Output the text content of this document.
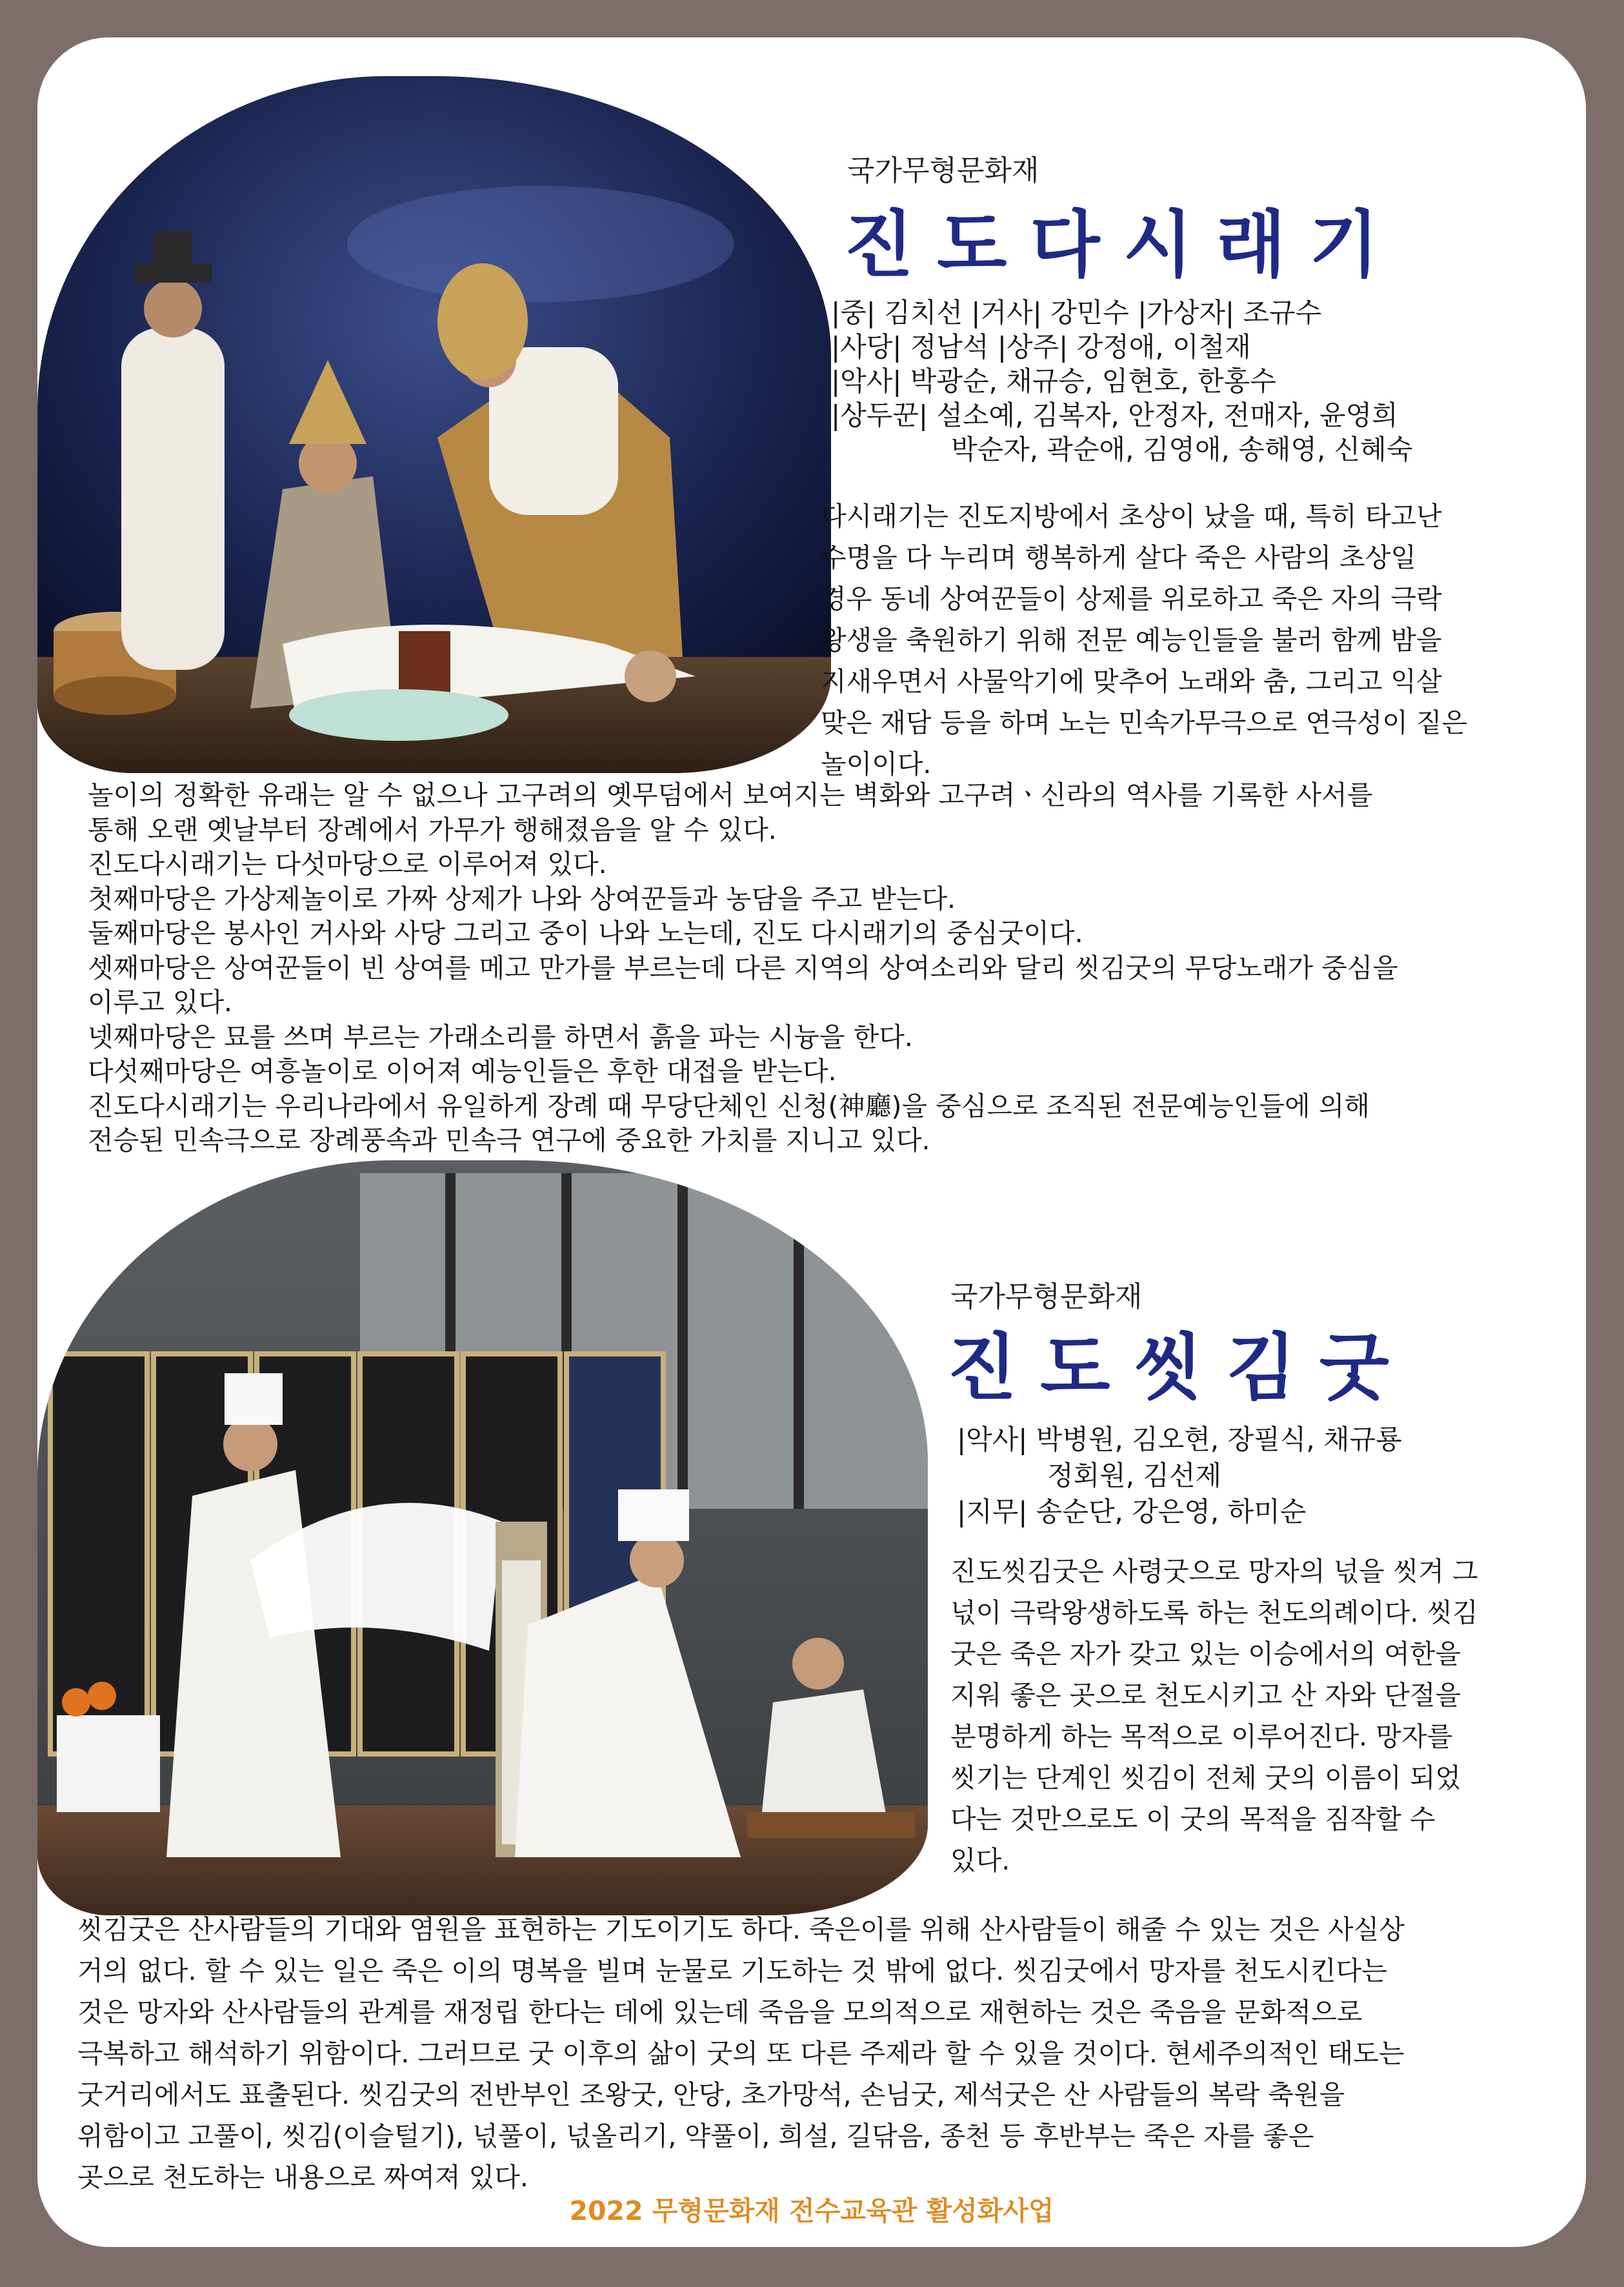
국가무형문화재
진도다시래기
|중| 김치선 |거사| 강민수 |가상자| 조규수
|사당| 정남석 |상주| 강정애, 이철재
|악사| 박광순, 채규승, 임현호, 한홍수
|상두꾼| 설소예, 김복자, 안정자, 전매자, 윤영희
박순자, 곽순애, 김영애, 송해영, 신혜숙
다시래기는 진도지방에서 초상이 났을 때, 특히 타고난
수명을 다 누리며 행복하게 살다 죽은 사람의 초상일
경우 동네 상여꾼들이 상제를 위로하고 죽은 자의 극락
왕생을 축원하기 위해 전문 예능인들을 불러 함께 밤을
지새우면서 사물악기에 맞추어 노래와 춤, 그리고 익살
맞은 재담 등을 하며 노는 민속가무극으로 연극성이 짙은
놀이이다.
놀이의 정확한 유래는 알 수 없으나 고구려의 옛무덤에서 보여지는 벽화와 고구려ㆍ신라의 역사를 기록한 사서를
통해 오랜 옛날부터 장례에서 가무가 행해졌음을 알 수 있다.
진도다시래기는 다섯마당으로 이루어져 있다.
첫째마당은 가상제놀이로 가짜 상제가 나와 상여꾼들과 농담을 주고 받는다.
둘째마당은 봉사인 거사와 사당 그리고 중이 나와 노는데, 진도 다시래기의 중심굿이다.
셋째마당은 상여꾼들이 빈 상여를 메고 만가를 부르는데 다른 지역의 상여소리와 달리 씻김굿의 무당노래가 중심을
이루고 있다.
넷째마당은 묘를 쓰며 부르는 가래소리를 하면서 흙을 파는 시늉을 한다.
다섯째마당은 여흥놀이로 이어져 예능인들은 후한 대접을 받는다.
진도다시래기는 우리나라에서 유일하게 장례 때 무당단체인 신청(神廳)을 중심으로 조직된 전문예능인들에 의해
전승된 민속극으로 장례풍속과 민속극 연구에 중요한 가치를 지니고 있다.
국가무형문화재
진도씻김굿
|악사| 박병원, 김오현, 장필식, 채규룡
정회원, 김선제
|지무| 송순단, 강은영, 하미순
진도씻김굿은 사령굿으로 망자의 넋을 씻겨 그
넋이 극락왕생하도록 하는 천도의례이다. 씻김
굿은 죽은 자가 갖고 있는 이승에서의 여한을
지워 좋은 곳으로 천도시키고 산 자와 단절을
분명하게 하는 목적으로 이루어진다. 망자를
씻기는 단계인 씻김이 전체 굿의 이름이 되었
다는 것만으로도 이 굿의 목적을 짐작할 수
있다.
씻김굿은 산사람들의 기대와 염원을 표현하는 기도이기도 하다. 죽은이를 위해 산사람들이 해줄 수 있는 것은 사실상
거의 없다. 할 수 있는 일은 죽은 이의 명복을 빌며 눈물로 기도하는 것 밖에 없다. 씻김굿에서 망자를 천도시킨다는
것은 망자와 산사람들의 관계를 재정립 한다는 데에 있는데 죽음을 모의적으로 재현하는 것은 죽음을 문화적으로
극복하고 해석하기 위함이다. 그러므로 굿 이후의 삶이 굿의 또 다른 주제라 할 수 있을 것이다. 현세주의적인 태도는
굿거리에서도 표출된다. 씻김굿의 전반부인 조왕굿, 안당, 초가망석, 손님굿, 제석굿은 산 사람들의 복락 축원을
위함이고 고풀이, 씻김(이슬털기), 넋풀이, 넋올리기, 약풀이, 희설, 길닦음, 종천 등 후반부는 죽은 자를 좋은
곳으로 천도하는 내용으로 짜여져 있다.
2022 무형문화재 전수교육관 활성화사업
